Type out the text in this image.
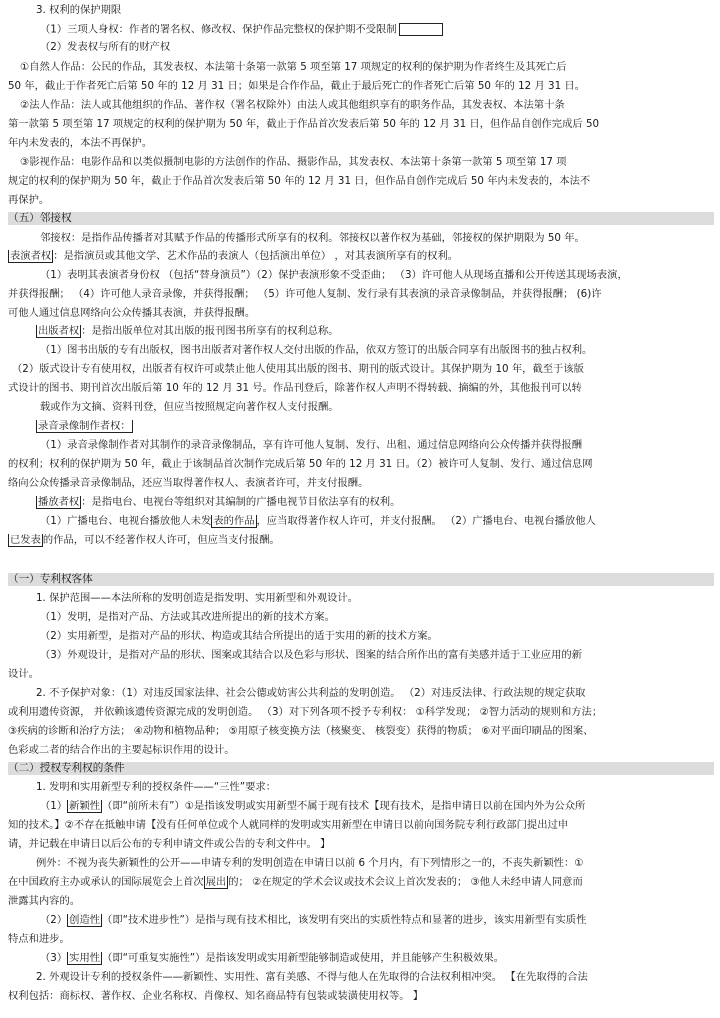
3. 权利的保护期限
（1）三项人身权：作者的署名权、修改权、保护作品完整权的保护期不受限制
（2）发表权与所有的财产权
①自然人作品：公民的作品，其发表权、本法第十条第一款第 5 项至第 17 项规定的权利的保护期为作者终生及其死亡后
50 年，截止于作者死亡后第 50 年的 12 月 31 日；如果是合作作品，截止于最后死亡的作者死亡后第 50 年的 12 月 31 日。
②法人作品：法人或其他组织的作品、著作权（署名权除外）由法人或其他组织享有的职务作品，其发表权、本法第十条
第一款第 5 项至第 17 项规定的权利的保护期为 50 年，截止于作品首次发表后第 50 年的 12 月 31 日，但作品自创作完成后 50
年内未发表的，本法不再保护。
③影视作品：电影作品和以类似摄制电影的方法创作的作品、摄影作品，其发表权、本法第十条第一款第 5 项至第 17 项
规定的权利的保护期为 50 年，截止于作品首次发表后第 50 年的 12 月 31 日，但作品自创作完成后 50 年内未发表的，本法不
再保护。
（五）邻接权
邻接权：是指作品传播者对其赋予作品的传播形式所享有的权利。邻接权以著作权为基础，邻接权的保护期限为 50 年。
表演者权 ：是指演员或其他文学、艺术作品的表演人（包括演出单位） ，对其表演所享有的权利。
（1）表明其表演者身份权 （包括“替身演员”）（2）保护表演形象不受歪曲； （3）许可他人从现场直播和公开传送其现场表演，
并获得报酬； （4）许可他人录音录像，并获得报酬； （5）许可他人复制、发行录有其表演的录音录像制品，并获得报酬； (6)许
可他人通过信息网络向公众传播其表演，并获得报酬。
出版者权 ：是指出版单位对其出版的报刊图书所享有的权利总称。
（1）图书出版的专有出版权，图书出版者对著作权人交付出版的作品，依双方签订的出版合同享有出版图书的独占权利。
（2）版式设计专有使用权，出版者有权许可或禁止他人使用其出版的图书、期刊的版式设计。其保护期为 10 年，截至于该版
式设计的图书、期刊首次出版后第 10 年的 12 月 31 号。作品刊登后，除著作权人声明不得转载、摘编的外，其他报刊可以转
载或作为文摘、资料刊登，但应当按照规定向著作权人支付报酬。
录音录像制作者权：
（1）录音录像制作者对其制作的录音录像制品，享有许可他人复制、发行、出租、通过信息网络向公众传播并获得报酬
的权利；权利的保护期为 50 年，截止于该制品首次制作完成后第 50 年的 12 月 31 日。（2）被许可人复制、发行、通过信息网
络向公众传播录音录像制品，还应当取得著作权人、表演者许可，并支付报酬。
播放者权 ：是指电台、电视台等组织对其编制的广播电视节目依法享有的权利。
（1）广播电台、电视台播放他人未发 表的作品 ，应当取得著作权人许可，并支付报酬。 （2）广播电台、电视台播放他人
已发表 的作品，可以不经著作权人许可，但应当支付报酬。
（一）专利权客体
1. 保护范围——本法所称的发明创造是指发明、实用新型和外观设计。
（1）发明，是指对产品、方法或其改进所提出的新的技术方案。
（2）实用新型，是指对产品的形状、构造或其结合所提出的适于实用的新的技术方案。
（3）外观设计，是指对产品的形状、图案或其结合以及色彩与形状、图案的结合所作出的富有美感并适于工业应用的新
设计。
2. 不予保护对象：（1）对违反国家法律、社会公德或妨害公共利益的发明创造。 （2）对违反法律、行政法规的规定获取
或利用遗传资源， 并依赖该遗传资源完成的发明创造。 （3）对下列各项不授予专利权： ①科学发现； ②智力活动的规则和方法；
③疾病的诊断和治疗方法； ④动物和植物品种； ⑤用原子核变换方法（核聚变、 核裂变）获得的物质； ⑥对平面印刷品的图案、
色彩或二者的结合作出的主要起标识作用的设计。
（二）授权专利权的条件
1. 发明和实用新型专利的授权条件——“三性”要求：
（1） 新颖性 （即“前所未有”）①是指该发明或实用新型不属于现有技术【现有技术，是指申请日以前在国内外为公众所
知的技术。】②不存在抵触申请【没有任何单位或个人就同样的发明或实用新型在申请日以前向国务院专利行政部门提出过申
请，并记载在申请日以后公布的专利申请文件或公告的专利文件中。 】
例外：不视为丧失新颖性的公开——申请专利的发明创造在申请日以前 6 个月内，有下列情形之一的，不丧失新颖性：①
在中国政府主办或承认的国际展览会上首次 展出 的； ②在规定的学术会议或技术会议上首次发表的； ③他人未经申请人同意而
泄露其内容的。
（2） 创造性 （即“技术进步性”）是指与现有技术相比，该发明有突出的实质性特点和显著的进步，该实用新型有实质性
特点和进步。
（3） 实用性 （即“可重复实施性”）是指该发明或实用新型能够制造或使用，并且能够产生积极效果。
2. 外观设计专利的授权条件——新颖性、实用性、富有美感、不得与他人在先取得的合法权利相冲突。 【在先取得的合法
权利包括：商标权、著作权、企业名称权、肖像权、知名商品特有包装或装潢使用权等。 】
